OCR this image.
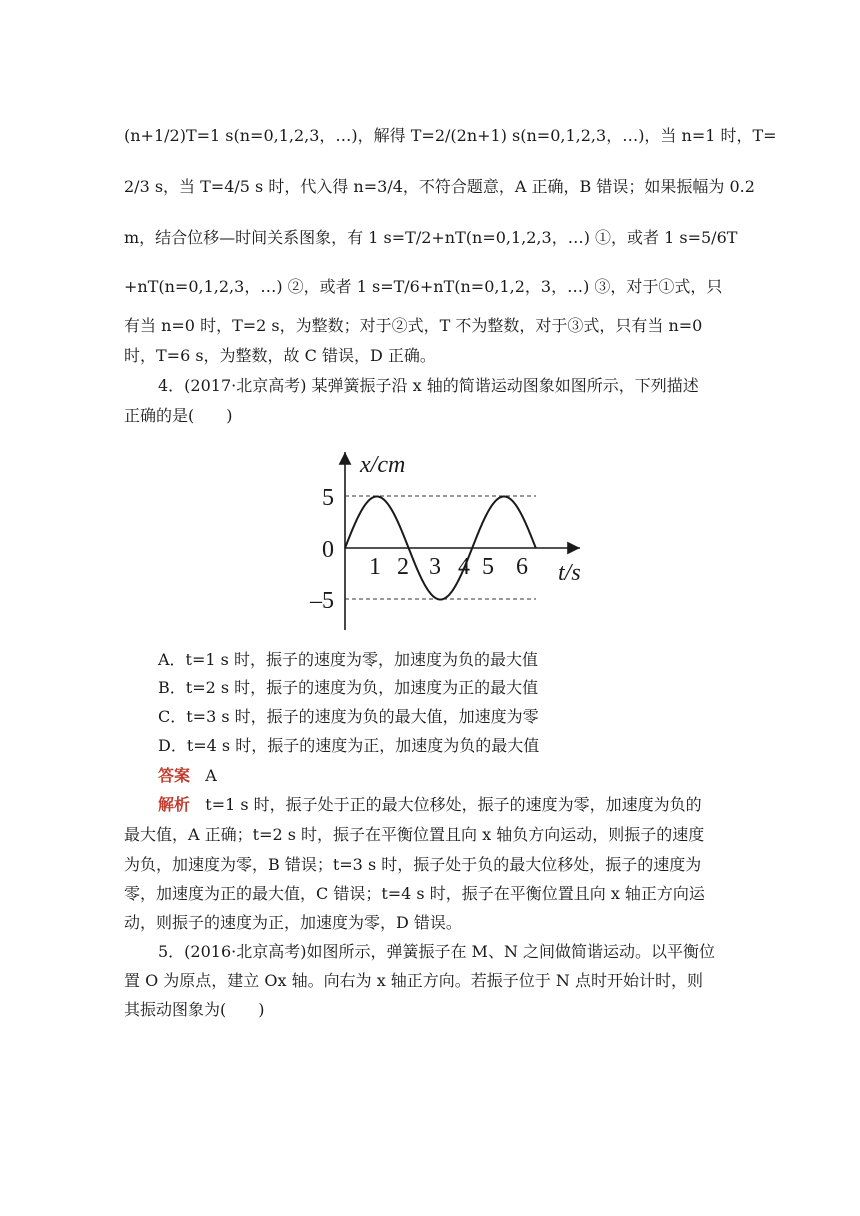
(n+1/2)T=1 s(n=0,1,2,3，…)，解得 T=2/(2n+1) s(n=0,1,2,3，…)，当 n=1 时，T=
2/3 s，当 T=4/5 s 时，代入得 n=3/4，不符合题意，A 正确，B 错误；如果振幅为 0.2
m，结合位移—时间关系图象，有 1 s=T/2+nT(n=0,1,2,3，…) ①，或者 1 s=5/6T
+nT(n=0,1,2,3，…) ②，或者 1 s=T/6+nT(n=0,1,2，3，…) ③，对于①式，只
有当 n=0 时，T=2 s，为整数；对于②式，T 不为整数，对于③式，只有当 n=0
时，T=6 s，为整数，故 C 错误，D 正确。
4．(2017·北京高考) 某弹簧振子沿 x 轴的简谐运动图象如图所示，下列描述
正确的是(　　)
x/cm
5
0
–5
1 2 3 4 5 6 t/s
A．t=1 s 时，振子的速度为零，加速度为负的最大值
B．t=2 s 时，振子的速度为负，加速度为正的最大值
C．t=3 s 时，振子的速度为负的最大值，加速度为零
D．t=4 s 时，振子的速度为正，加速度为负的最大值
答案 A
解析 t=1 s 时，振子处于正的最大位移处，振子的速度为零，加速度为负的
最大值，A 正确；t=2 s 时，振子在平衡位置且向 x 轴负方向运动，则振子的速度
为负，加速度为零，B 错误；t=3 s 时，振子处于负的最大位移处，振子的速度为
零，加速度为正的最大值，C 错误；t=4 s 时，振子在平衡位置且向 x 轴正方向运
动，则振子的速度为正，加速度为零，D 错误。
5．(2016·北京高考)如图所示，弹簧振子在 M、N 之间做简谐运动。以平衡位
置 O 为原点，建立 Ox 轴。向右为 x 轴正方向。若振子位于 N 点时开始计时，则
其振动图象为(　　)
